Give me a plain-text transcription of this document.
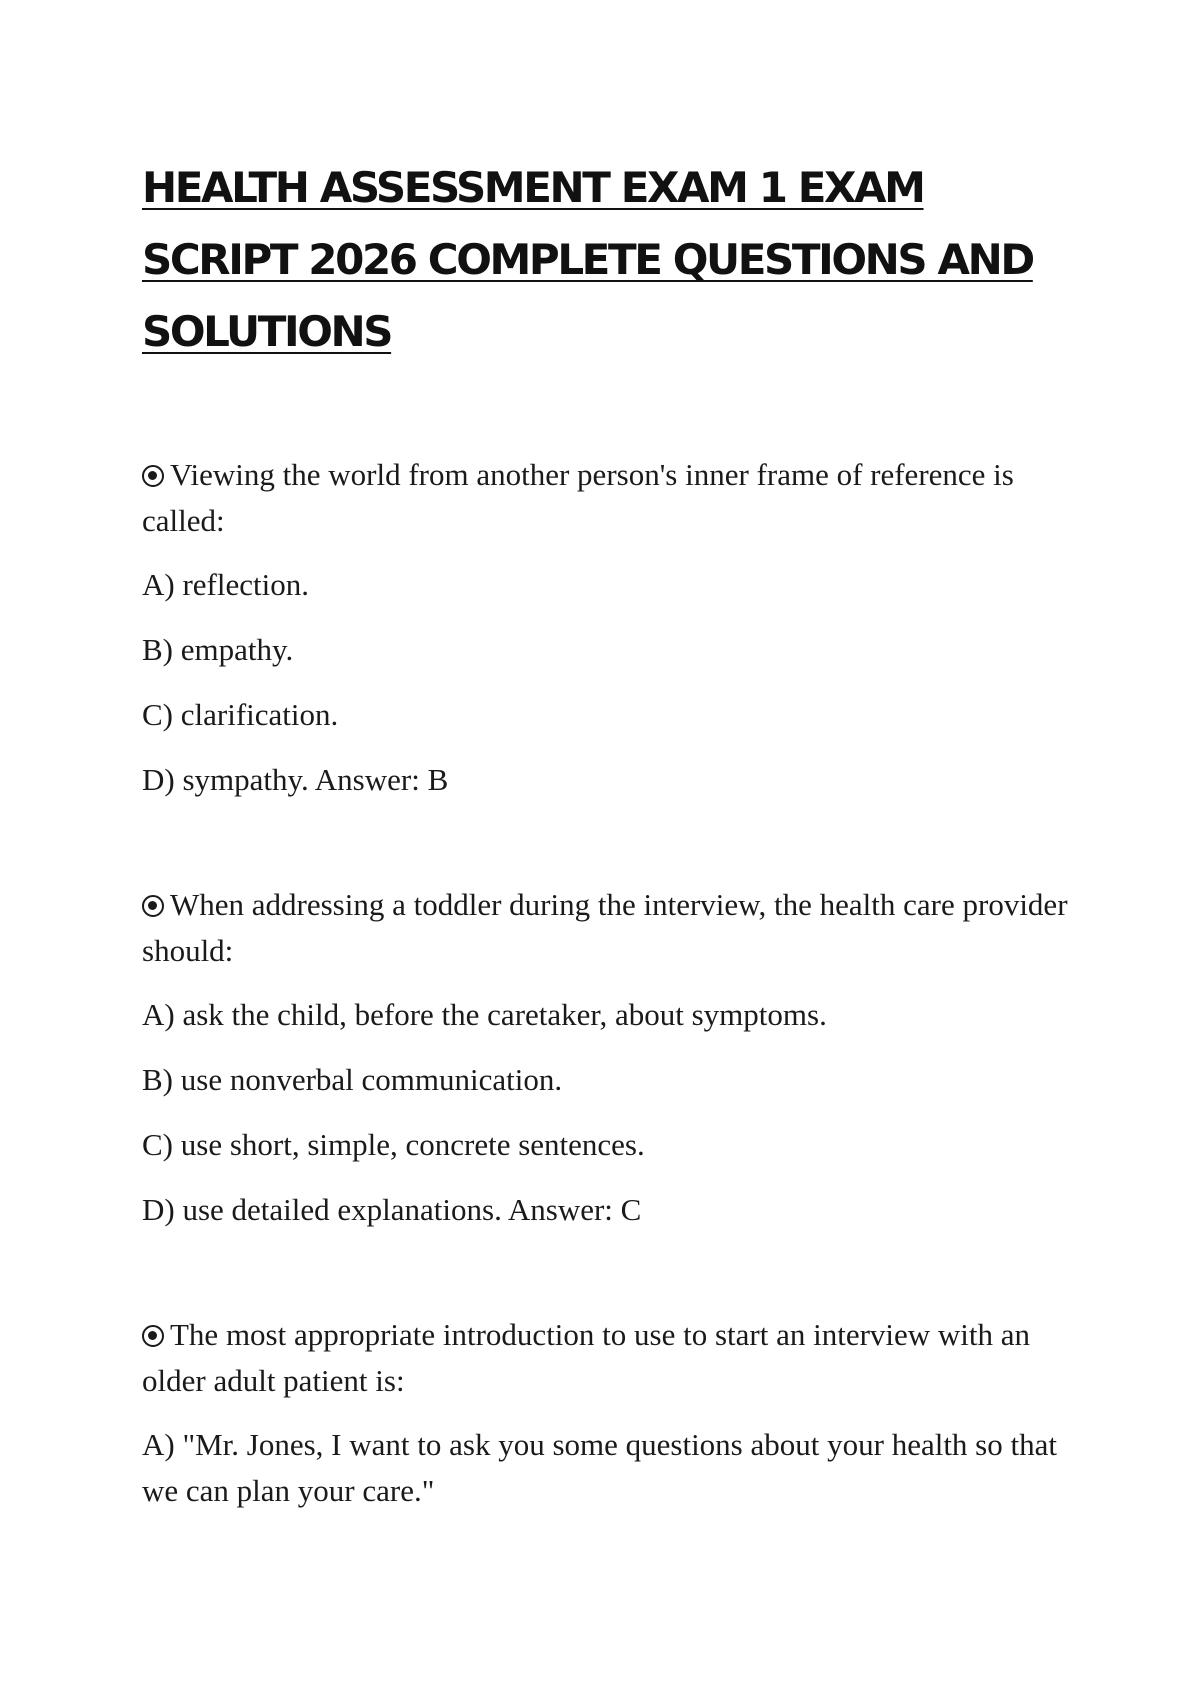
HEALTH ASSESSMENT EXAM 1 EXAM SCRIPT 2026 COMPLETE QUESTIONS AND SOLUTIONS

Viewing the world from another person's inner frame of reference is called:

A) reflection.

B) empathy.

C) clarification.

D) sympathy. Answer: B

When addressing a toddler during the interview, the health care provider should:

A) ask the child, before the caretaker, about symptoms.

B) use nonverbal communication.

C) use short, simple, concrete sentences.

D) use detailed explanations. Answer: C

The most appropriate introduction to use to start an interview with an older adult patient is:

A) "Mr. Jones, I want to ask you some questions about your health so that we can plan your care."
